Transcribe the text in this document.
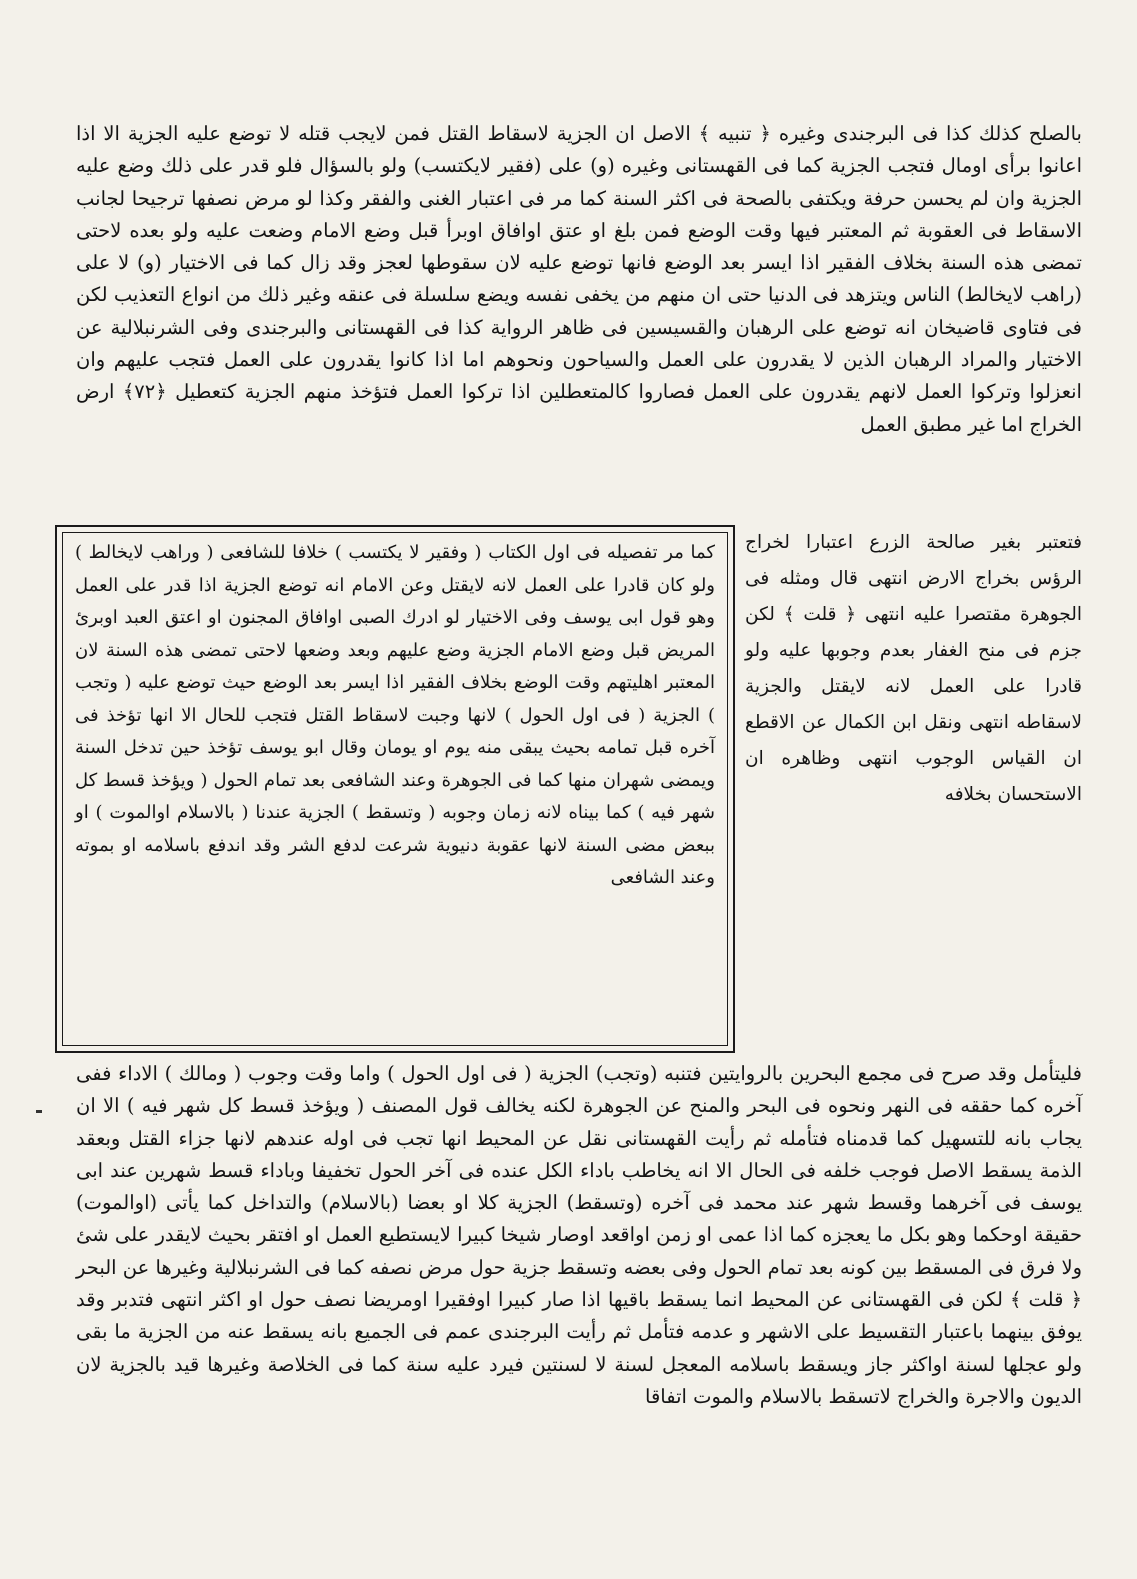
بالصلح كذلك كذا فى البرجندى وغيره ﴿ تنبيه ﴾ الاصل ان الجزية لاسقاط القتل فمن لايجب قتله لا توضع عليه الجزية الا اذا اعانوا برأى اومال فتجب الجزية كما فى القهستانى وغيره (و) على (فقير لايكتسب) ولو بالسؤال فلو قدر على ذلك وضع عليه الجزية وان لم يحسن حرفة ويكتفى بالصحة فى اكثر السنة كما مر فى اعتبار الغنى والفقر وكذا لو مرض نصفها ترجيحا لجانب الاسقاط فى العقوبة ثم المعتبر فيها وقت الوضع فمن بلغ او عتق اوافاق اوبرأ قبل وضع الامام وضعت عليه ولو بعده لاحتى تمضى هذه السنة بخلاف الفقير اذا ايسر بعد الوضع فانها توضع عليه لان سقوطها لعجز وقد زال كما فى الاختيار (و) لا على (راهب لايخالط) الناس ويتزهد فى الدنيا حتى ان منهم من يخفى نفسه ويضع سلسلة فى عنقه وغير ذلك من انواع التعذيب لكن فى فتاوى قاضيخان انه توضع على الرهبان والقسيسين فى ظاهر الرواية كذا فى القهستانى والبرجندى وفى الشرنبلالية عن الاختيار والمراد الرهبان الذين لا يقدرون على العمل والسياحون ونحوهم اما اذا كانوا يقدرون على العمل فتجب عليهم وان انعزلوا وتركوا العمل لانهم يقدرون على العمل فصاروا كالمتعطلين اذا تركوا العمل فتؤخذ منهم الجزية كتعطيل ﴿٧٢﴾ ارض الخراج اما غير مطبق العمل
فتعتبر بغير صالحة الزرع اعتبارا لخراج الرؤس بخراج الارض انتهى قال ومثله فى الجوهرة مقتصرا عليه انتهى ﴿ قلت ﴾ لكن جزم فى منح الغفار بعدم وجوبها عليه ولو قادرا على العمل لانه لايقتل والجزية لاسقاطه انتهى ونقل ابن الكمال عن الاقطع ان القياس الوجوب انتهى وظاهره ان الاستحسان بخلافه
كما مر تفصيله فى اول الكتاب ( وفقير لا يكتسب ) خلافا للشافعى ( وراهب لايخالط ) ولو كان قادرا على العمل لانه لايقتل وعن الامام انه توضع الجزية اذا قدر على العمل وهو قول ابى يوسف وفى الاختيار لو ادرك الصبى اوافاق المجنون او اعتق العبد اوبرئ المريض قبل وضع الامام الجزية وضع عليهم وبعد وضعها لاحتى تمضى هذه السنة لان المعتبر اهليتهم وقت الوضع بخلاف الفقير اذا ايسر بعد الوضع حيث توضع عليه ( وتجب ) الجزية ( فى اول الحول ) لانها وجبت لاسقاط القتل فتجب للحال الا انها تؤخذ فى آخره قبل تمامه بحيث يبقى منه يوم او يومان وقال ابو يوسف تؤخذ حين تدخل السنة ويمضى شهران منها كما فى الجوهرة وعند الشافعى بعد تمام الحول ( ويؤخذ قسط كل شهر فيه ) كما بيناه لانه زمان وجوبه ( وتسقط ) الجزية عندنا ( بالاسلام اوالموت ) او ببعض مضى السنة لانها عقوبة دنيوية شرعت لدفع الشر وقد اندفع باسلامه او بموته وعند الشافعى
فليتأمل وقد صرح فى مجمع البحرين بالروايتين فتنبه (وتجب) الجزية ( فى اول الحول ) واما وقت وجوب ( ومالك ) الاداء ففى آخره كما حققه فى النهر ونحوه فى البحر والمنح عن الجوهرة لكنه يخالف قول المصنف ( ويؤخذ قسط كل شهر فيه ) الا ان يجاب بانه للتسهيل كما قدمناه فتأمله ثم رأيت القهستانى نقل عن المحيط انها تجب فى اوله عندهم لانها جزاء القتل وبعقد الذمة يسقط الاصل فوجب خلفه فى الحال الا انه يخاطب باداء الكل عنده فى آخر الحول تخفيفا وباداء قسط شهرين عند ابى يوسف فى آخرهما وقسط شهر عند محمد فى آخره (وتسقط) الجزية كلا او بعضا (بالاسلام) والتداخل كما يأتى (اوالموت) حقيقة اوحكما وهو بكل ما يعجزه كما اذا عمى او زمن اواقعد اوصار شيخا كبيرا لايستطيع العمل او افتقر بحيث لايقدر على شئ ولا فرق فى المسقط بين كونه بعد تمام الحول وفى بعضه وتسقط جزية حول مرض نصفه كما فى الشرنبلالية وغيرها عن البحر ﴿ قلت ﴾ لكن فى القهستانى عن المحيط انما يسقط باقيها اذا صار كبيرا اوفقيرا اومريضا نصف حول او اكثر انتهى فتدبر وقد يوفق بينهما باعتبار التقسيط على الاشهر و عدمه فتأمل ثم رأيت البرجندى عمم فى الجميع بانه يسقط عنه من الجزية ما بقى ولو عجلها لسنة اواكثر جاز ويسقط باسلامه المعجل لسنة لا لسنتين فيرد عليه سنة كما فى الخلاصة وغيرها قيد بالجزية لان الديون والاجرة والخراج لاتسقط بالاسلام والموت اتفاقا
